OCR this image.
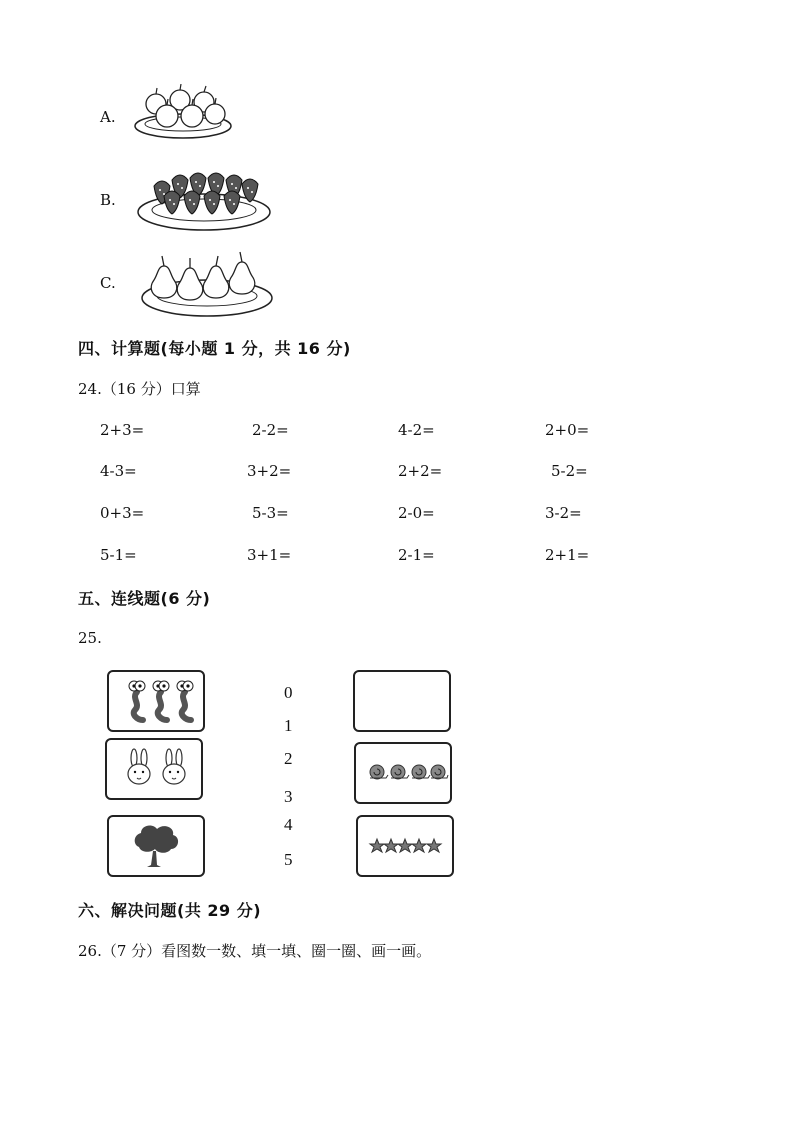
A.
B.
C.
四、计算题(每小题 1 分，共 16 分)
24.（16 分）口算
2+3=	2-2=	4-2=	2+0=
4-3=	3+2=	2+2=	5-2=
0+3=	5-3=	2-0=	3-2=
5-1=	3+1=	2-1=	2+1=
五、连线题(6 分)
25.
0
1
2
3
4
5
六、解决问题(共 29 分)
26.（7 分）看图数一数、填一填、圈一圈、画一画。
